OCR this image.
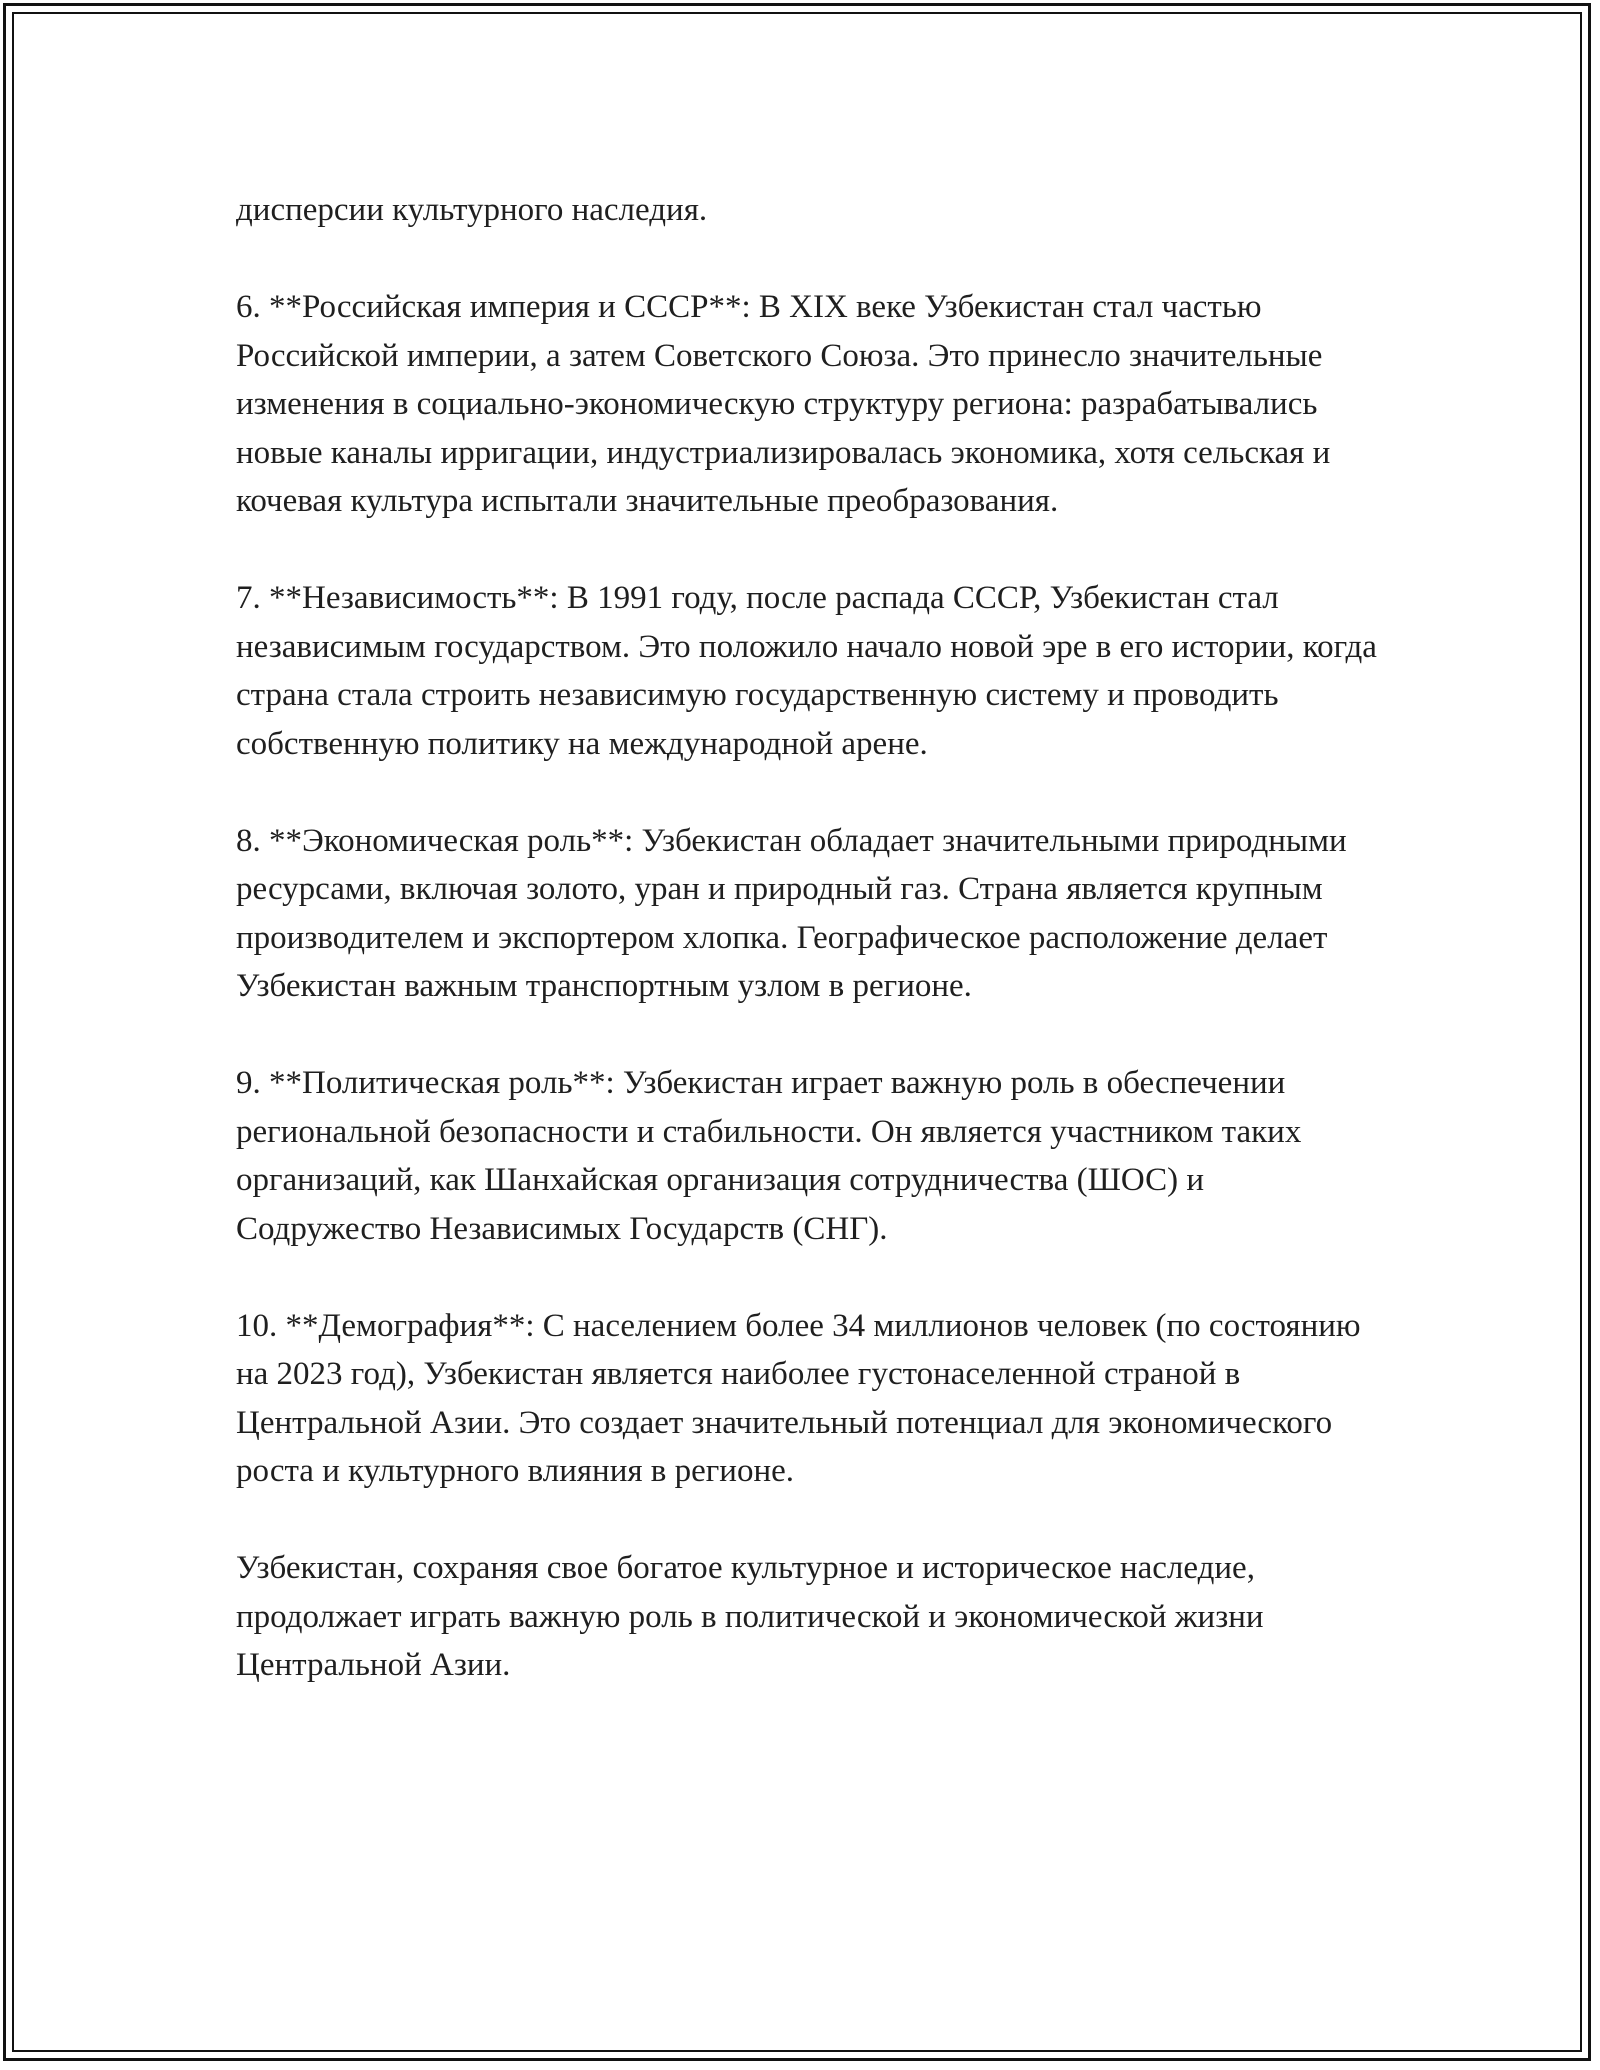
дисперсии культурного наследия.

6. **Российская империя и СССР**: В XIX веке Узбекистан стал частью Российской империи, а затем Советского Союза. Это принесло значительные изменения в социально-экономическую структуру региона: разрабатывались новые каналы ирригации, индустриализировалась экономика, хотя сельская и кочевая культура испытали значительные преобразования.

7. **Независимость**: В 1991 году, после распада СССР, Узбекистан стал независимым государством. Это положило начало новой эре в его истории, когда страна стала строить независимую государственную систему и проводить собственную политику на международной арене.

8. **Экономическая роль**: Узбекистан обладает значительными природными ресурсами, включая золото, уран и природный газ. Страна является крупным производителем и экспортером хлопка. Географическое расположение делает Узбекистан важным транспортным узлом в регионе.

9. **Политическая роль**: Узбекистан играет важную роль в обеспечении региональной безопасности и стабильности. Он является участником таких организаций, как Шанхайская организация сотрудничества (ШОС) и Содружество Независимых Государств (СНГ).

10. **Демография**: С населением более 34 миллионов человек (по состоянию на 2023 год), Узбекистан является наиболее густонаселенной страной в Центральной Азии. Это создает значительный потенциал для экономического роста и культурного влияния в регионе.

Узбекистан, сохраняя свое богатое культурное и историческое наследие, продолжает играть важную роль в политической и экономической жизни Центральной Азии.
